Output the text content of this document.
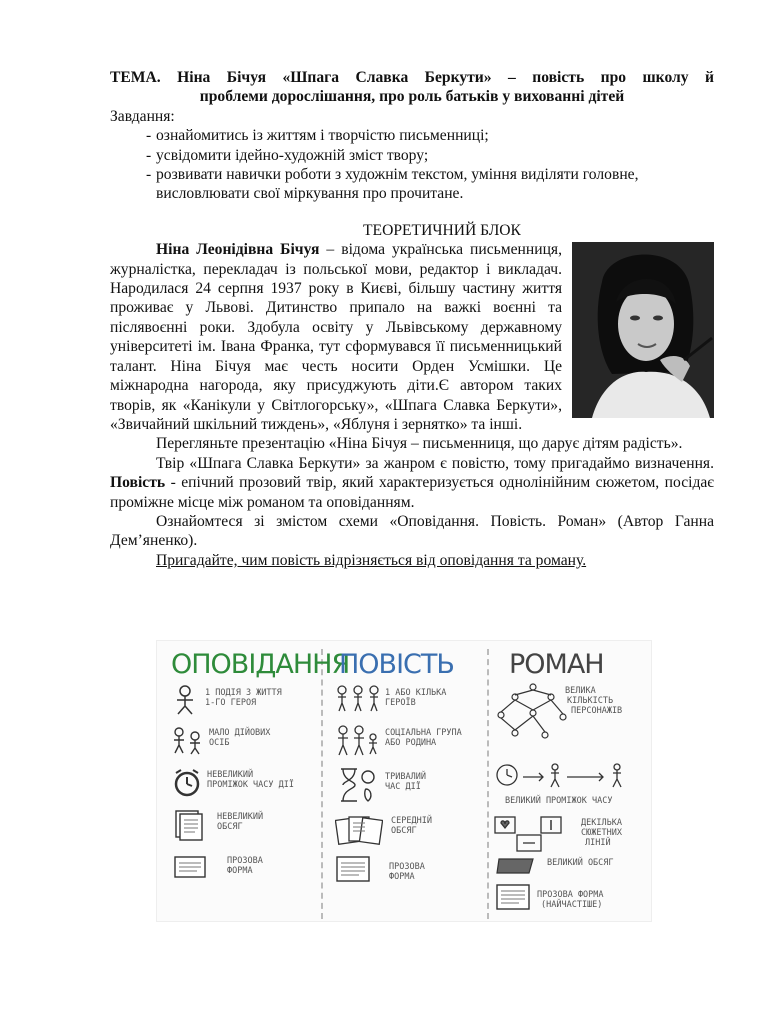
ТЕМА. Ніна Бічуя «Шпага Славка Беркути» – повість про школу й
проблеми дорослішання, про роль батьків у вихованні дітей
Завдання:
- ознайомитись із життям і творчістю письменниці;
- усвідомити ідейно-художній зміст твору;
- розвивати навички роботи з художнім текстом, уміння виділяти головне, висловлювати свої міркування про прочитане.
ТЕОРЕТИЧНИЙ БЛОК

Ніна Леонідівна Бічуя – відома українська письменниця, журналістка, перекладач із польської мови, редактор і викладач. Народилася 24 серпня 1937 року в Києві, більшу частину життя проживає у Львові. Дитинство припало на важкі воєнні та післявоєнні роки. Здобула освіту у Львівському державному університеті ім. Івана Франка, тут сформувався її письменницький талант. Ніна Бічуя має честь носити Орден Усмішки. Це міжнародна нагорода, яку присуджують діти.Є автором таких творів, як «Канікули у Світлогорську», «Шпага Славка Беркути», «Звичайний шкільний тиждень», «Яблуня і зернятко» та інші.

Перегляньте презентацію «Ніна Бічуя – письменниця, що дарує дітям радість».

Твір «Шпага Славка Беркути» за жанром є повістю, тому пригадаймо визначення. Повість - епічний прозовий твір, який характеризується однолінійним сюжетом, посідає проміжне місце між романом та оповіданням.

Ознайомтеся зі змістом схеми «Оповідання. Повість. Роман» (Автор Ганна Дем’яненко).

Пригадайте, чим повість відрізняється від оповідання та роману.

ОПОВІДАННЯ
1 ПОДІЯ З ЖИТТЯ
1-ГО ГЕРОЯ
МАЛО ДІЙОВИХ
ОСІБ
НЕВЕЛИКИЙ
ПРОМІЖОК ЧАСУ ДІЇ
НЕВЕЛИКИЙ
ОБСЯГ
ПРОЗОВА
ФОРМА
ПОВІСТЬ
1 АБО КІЛЬКА
ГЕРОЇВ
СОЦІАЛЬНА ГРУПА
АБО РОДИНА
ТРИВАЛИЙ
ЧАС ДІЇ
СЕРЕДНІЙ
ОБСЯГ
ПРОЗОВА
ФОРМА
РОМАН
ВЕЛИКА
КІЛЬКІСТЬ
ПЕРСОНАЖІВ
ВЕЛИКИЙ ПРОМІЖОК ЧАСУ
ДЕКІЛЬКА
СЮЖЕТНИХ
ЛІНІЙ
ВЕЛИКИЙ ОБСЯГ
ПРОЗОВА ФОРМА
(НАЙЧАСТІШЕ)
